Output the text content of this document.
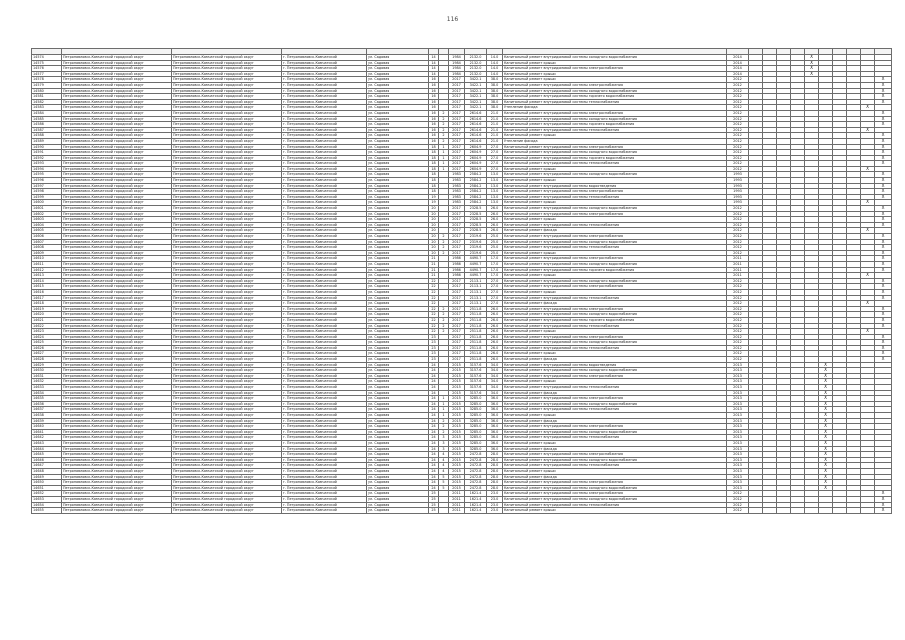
116

14574	Петропавловск-Камчатский городской округ	Петропавловск-Камчатский городской округ	г. Петропавловск-Камчатский	ул. Садовая	14		1984	2132.0	14.0	Капитальный ремонт внутридомовой системы холодного водоснабжения	2014					X					
14575	Петропавловск-Камчатский городской округ	Петропавловск-Камчатский городской округ	г. Петропавловск-Камчатский	ул. Садовая	14		1984	2132.0	14.0	Капитальный ремонт крыши	2014					X					
14576	Петропавловск-Камчатский городской округ	Петропавловск-Камчатский городской округ	г. Петропавловск-Камчатский	ул. Садовая	14		1984	2132.0	14.0	Капитальный ремонт внутридомовой системы электроснабжения	2014					X					
14577	Петропавловск-Камчатский городской округ	Петропавловск-Камчатский городской округ	г. Петропавловск-Камчатский	ул. Садовая	14		1984	2132.0	14.0	Капитальный ремонт крыши	2014					X					
14578	Петропавловск-Камчатский городской округ	Петропавловск-Камчатский городской округ	г. Петропавловск-Камчатский	ул. Садовая	16		2017	3422.1	38.0	Капитальный ремонт крыши	2012										X
14579	Петропавловск-Камчатский городской округ	Петропавловск-Камчатский городской округ	г. Петропавловск-Камчатский	ул. Садовая	16		2017	3422.1	38.0	Капитальный ремонт внутридомовой системы электроснабжения	2012										X
14580	Петропавловск-Камчатский городской округ	Петропавловск-Камчатский городской округ	г. Петропавловск-Камчатский	ул. Садовая	16		2017	3422.1	38.0	Капитальный ремонт внутридомовой системы холодного водоснабжения	2012										X
14581	Петропавловск-Камчатский городской округ	Петропавловск-Камчатский городской округ	г. Петропавловск-Камчатский	ул. Садовая	16		2017	3422.1	38.0	Капитальный ремонт внутридомовой системы горячего водоснабжения	2012										X
14582	Петропавловск-Камчатский городской округ	Петропавловск-Камчатский городской округ	г. Петропавловск-Камчатский	ул. Садовая	16		2017	3422.1	38.0	Капитальный ремонт внутридомовой системы теплоснабжения	2012										X
14583	Петропавловск-Камчатский городской округ	Петропавловск-Камчатский городской округ	г. Петропавловск-Камчатский	ул. Садовая	16		2017	3422.1	38.0	Утепление фасада	2012									X	
14584	Петропавловск-Камчатский городской округ	Петропавловск-Камчатский городской округ	г. Петропавловск-Камчатский	ул. Садовая	16	2	2017	2614.6	21.0	Капитальный ремонт внутридомовой системы электроснабжения	2012										X
14585	Петропавловск-Камчатский городской округ	Петропавловск-Камчатский городской округ	г. Петропавловск-Камчатский	ул. Садовая	16	2	2017	2614.6	21.0	Капитальный ремонт внутридомовой системы холодного водоснабжения	2012										X
14586	Петропавловск-Камчатский городской округ	Петропавловск-Камчатский городской округ	г. Петропавловск-Камчатский	ул. Садовая	16	2	2017	2614.6	21.0	Капитальный ремонт внутридомовой системы горячего водоснабжения	2012										X
14587	Петропавловск-Камчатский городской округ	Петропавловск-Камчатский городской округ	г. Петропавловск-Камчатский	ул. Садовая	16	2	2017	2614.6	21.0	Капитальный ремонт внутридомовой системы теплоснабжения	2012									X	
14588	Петропавловск-Камчатский городской округ	Петропавловск-Камчатский городской округ	г. Петропавловск-Камчатский	ул. Садовая	16	2	2017	2614.6	21.0	Капитальный ремонт крыши	2012										X
14589	Петропавловск-Камчатский городской округ	Петропавловск-Камчатский городской округ	г. Петропавловск-Камчатский	ул. Садовая	16	2	2017	2614.6	21.0	Утепление фасада	2012										X
14590	Петропавловск-Камчатский городской округ	Петропавловск-Камчатский городской округ	г. Петропавловск-Камчатский	ул. Садовая	18	1	2017	2604.9	27.0	Капитальный ремонт внутридомовой системы электроснабжения	2012										X
14591	Петропавловск-Камчатский городской округ	Петропавловск-Камчатский городской округ	г. Петропавловск-Камчатский	ул. Садовая	18	1	2017	2604.9	27.0	Капитальный ремонт внутридомовой системы холодного водоснабжения	2012										X
14592	Петропавловск-Камчатский городской округ	Петропавловск-Камчатский городской округ	г. Петропавловск-Камчатский	ул. Садовая	18	1	2017	2604.9	27.0	Капитальный ремонт внутридомовой системы горячего водоснабжения	2012										X
14593	Петропавловск-Камчатский городской округ	Петропавловск-Камчатский городской округ	г. Петропавловск-Камчатский	ул. Садовая	18	1	2017	2604.9	27.0	Капитальный ремонт внутридомовой системы теплоснабжения	2012										X
14594	Петропавловск-Камчатский городской округ	Петропавловск-Камчатский городской округ	г. Петропавловск-Камчатский	ул. Садовая	18	1	2017	2604.9	27.0	Капитальный ремонт крыши	2012									X	
14595	Петропавловск-Камчатский городской округ	Петропавловск-Камчатский городской округ	г. Петропавловск-Камчатский	ул. Садовая	18		1983	2584.2	13.0	Капитальный ремонт внутридомовой системы холодного водоснабжения	1993										X
14596	Петропавловск-Камчатский городской округ	Петропавловск-Камчатский городской округ	г. Петропавловск-Камчатский	ул. Садовая	18		1983	2584.2	13.0	Капитальный ремонт крыши	1993										X
14597	Петропавловск-Камчатский городской округ	Петропавловск-Камчатский городской округ	г. Петропавловск-Камчатский	ул. Садовая	18		1983	2584.2	13.0	Капитальный ремонт внутридомовой системы водоотведения	1993										X
14598	Петропавловск-Камчатский городской округ	Петропавловск-Камчатский городской округ	г. Петропавловск-Камчатский	ул. Садовая	18		1983	2584.2	13.0	Капитальный ремонт внутридомовой системы электроснабжения	1993										X
14599	Петропавловск-Камчатский городской округ	Петропавловск-Камчатский городской округ	г. Петропавловск-Камчатский	ул. Садовая	19		1983	2584.2	13.0	Капитальный ремонт внутридомовой системы теплоснабжения	1993										X
14600	Петропавловск-Камчатский городской округ	Петропавловск-Камчатский городской округ	г. Петропавловск-Камчатский	ул. Садовая	19		1983	2584.2	13.0	Капитальный ремонт крыши	1993									X	
14601	Петропавловск-Камчатский городской округ	Петропавловск-Камчатский городской округ	г. Петропавловск-Камчатский	ул. Садовая	20		2017	2328.5	26.0	Капитальный ремонт внутридомовой системы холодного водоснабжения	2012										X
14602	Петропавловск-Камчатский городской округ	Петропавловск-Камчатский городской округ	г. Петропавловск-Камчатский	ул. Садовая	20		2017	2328.5	26.0	Капитальный ремонт внутридомовой системы электроснабжения	2012										X
14603	Петропавловск-Камчатский городской округ	Петропавловск-Камчатский городской округ	г. Петропавловск-Камчатский	ул. Садовая	20		2017	2328.5	26.0	Капитальный ремонт крыши	2012										X
14604	Петропавловск-Камчатский городской округ	Петропавловск-Камчатский городской округ	г. Петропавловск-Камчатский	ул. Садовая	20		2017	2328.5	26.0	Капитальный ремонт внутридомовой системы теплоснабжения	2012										X
14605	Петропавловск-Камчатский городской округ	Петропавловск-Камчатский городской округ	г. Петропавловск-Камчатский	ул. Садовая	20		2017	2328.5	26.0	Капитальный ремонт фасада	2012									X	
14606	Петропавловск-Камчатский городской округ	Петропавловск-Камчатский городской округ	г. Петропавловск-Камчатский	ул. Садовая	20	2	2017	2319.6	25.0	Капитальный ремонт внутридомовой системы электроснабжения	2012										X
14607	Петропавловск-Камчатский городской округ	Петропавловск-Камчатский городской округ	г. Петропавловск-Камчатский	ул. Садовая	20	2	2017	2319.6	25.0	Капитальный ремонт внутридомовой системы холодного водоснабжения	2012										X
14608	Петропавловск-Камчатский городской округ	Петропавловск-Камчатский городской округ	г. Петропавловск-Камчатский	ул. Садовая	20	2	2017	2319.6	25.0	Капитальный ремонт внутридомовой системы теплоснабжения	2012										X
14609	Петропавловск-Камчатский городской округ	Петропавловск-Камчатский городской округ	г. Петропавловск-Камчатский	ул. Садовая	20	2	2017	2319.6	25.0	Капитальный ремонт крыши	2012										X
14610	Петропавловск-Камчатский городской округ	Петропавловск-Камчатский городской округ	г. Петропавловск-Камчатский	ул. Садовая	21		1986	4490.7	17.0	Капитальный ремонт внутридомовой системы электроснабжения	2011										X
14611	Петропавловск-Камчатский городской округ	Петропавловск-Камчатский городской округ	г. Петропавловск-Камчатский	ул. Садовая	21		1986	4490.7	17.0	Капитальный ремонт внутридомовой системы холодного водоснабжения	2011										X
14612	Петропавловск-Камчатский городской округ	Петропавловск-Камчатский городской округ	г. Петропавловск-Камчатский	ул. Садовая	21		1986	4490.7	17.0	Капитальный ремонт внутридомовой системы горячего водоснабжения	2011										X
14613	Петропавловск-Камчатский городской округ	Петропавловск-Камчатский городской округ	г. Петропавловск-Камчатский	ул. Садовая	21		1986	4490.7	17.0	Капитальный ремонт крыши	2011									X	
14614	Петропавловск-Камчатский городской округ	Петропавловск-Камчатский городской округ	г. Петропавловск-Камчатский	ул. Садовая	22		2017	2113.1	27.0	Капитальный ремонт внутридомовой системы холодного водоснабжения	2012										X
14615	Петропавловск-Камчатский городской округ	Петропавловск-Камчатский городской округ	г. Петропавловск-Камчатский	ул. Садовая	22		2017	2113.1	27.0	Капитальный ремонт внутридомовой системы электроснабжения	2012										X
14616	Петропавловск-Камчатский городской округ	Петропавловск-Камчатский городской округ	г. Петропавловск-Камчатский	ул. Садовая	22		2017	2113.1	27.0	Капитальный ремонт крыши	2012										X
14617	Петропавловск-Камчатский городской округ	Петропавловск-Камчатский городской округ	г. Петропавловск-Камчатский	ул. Садовая	22		2017	2113.1	27.0	Капитальный ремонт внутридомовой системы теплоснабжения	2012										X
14618	Петропавловск-Камчатский городской округ	Петропавловск-Камчатский городской округ	г. Петропавловск-Камчатский	ул. Садовая	22		2017	2113.1	27.0	Капитальный ремонт фасада	2012									X	
14619	Петропавловск-Камчатский городской округ	Петропавловск-Камчатский городской округ	г. Петропавловск-Камчатский	ул. Садовая	22	2	2017	2511.8	26.0	Капитальный ремонт внутридомовой системы электроснабжения	2012										X
14620	Петропавловск-Камчатский городской округ	Петропавловск-Камчатский городской округ	г. Петропавловск-Камчатский	ул. Садовая	22	2	2017	2511.8	26.0	Капитальный ремонт внутридомовой системы холодного водоснабжения	2012										X
14621	Петропавловск-Камчатский городской округ	Петропавловск-Камчатский городской округ	г. Петропавловск-Камчатский	ул. Садовая	22	2	2017	2511.8	26.0	Капитальный ремонт внутридомовой системы горячего водоснабжения	2012										X
14622	Петропавловск-Камчатский городской округ	Петропавловск-Камчатский городской округ	г. Петропавловск-Камчатский	ул. Садовая	22	2	2017	2511.8	26.0	Капитальный ремонт внутридомовой системы теплоснабжения	2012										X
14623	Петропавловск-Камчатский городской округ	Петропавловск-Камчатский городской округ	г. Петропавловск-Камчатский	ул. Садовая	22	2	2017	2511.8	26.0	Капитальный ремонт крыши	2012									X	
14624	Петропавловск-Камчатский городской округ	Петропавловск-Камчатский городской округ	г. Петропавловск-Камчатский	ул. Садовая	23		2017	2511.8	26.0	Капитальный ремонт внутридомовой системы электроснабжения	2012										X
14625	Петропавловск-Камчатский городской округ	Петропавловск-Камчатский городской округ	г. Петропавловск-Камчатский	ул. Садовая	23		2017	2511.8	26.0	Капитальный ремонт внутридомовой системы холодного водоснабжения	2012										X
14626	Петропавловск-Камчатский городской округ	Петропавловск-Камчатский городской округ	г. Петропавловск-Камчатский	ул. Садовая	23		2017	2511.8	26.0	Капитальный ремонт внутридомовой системы теплоснабжения	2012										X
14627	Петропавловск-Камчатский городской округ	Петропавловск-Камчатский городской округ	г. Петропавловск-Камчатский	ул. Садовая	23		2017	2511.8	26.0	Капитальный ремонт крыши	2012										X
14628	Петропавловск-Камчатский городской округ	Петропавловск-Камчатский городской округ	г. Петропавловск-Камчатский	ул. Садовая	23		2017	2511.8	26.0	Капитальный ремонт фасада	2012										X
14629	Петропавловск-Камчатский городской округ	Петропавловск-Камчатский городской округ	г. Петропавловск-Камчатский	ул. Садовая	24		2015	3157.6	34.0	Капитальный ремонт внутридомовой системы водоотведения	2013						X				
14630	Петропавловск-Камчатский городской округ	Петропавловск-Камчатский городской округ	г. Петропавловск-Камчатский	ул. Садовая	24		2015	3157.6	34.0	Капитальный ремонт внутридомовой системы холодного водоснабжения	2013						X				
14631	Петропавловск-Камчатский городской округ	Петропавловск-Камчатский городской округ	г. Петропавловск-Камчатский	ул. Садовая	24		2015	3157.6	34.0	Капитальный ремонт внутридомовой системы электроснабжения	2013						X				
14632	Петропавловск-Камчатский городской округ	Петропавловск-Камчатский городской округ	г. Петропавловск-Камчатский	ул. Садовая	24		2015	3157.6	34.0	Капитальный ремонт крыши	2013						X				
14633	Петропавловск-Камчатский городской округ	Петропавловск-Камчатский городской округ	г. Петропавловск-Камчатский	ул. Садовая	24		2015	3157.6	34.0	Капитальный ремонт внутридомовой системы теплоснабжения	2013						X				
14634	Петропавловск-Камчатский городской округ	Петропавловск-Камчатский городской округ	г. Петропавловск-Камчатский	ул. Садовая	24		2015	3157.6	34.0	Капитальный ремонт фасада	2013						X				
14635	Петропавловск-Камчатский городской округ	Петропавловск-Камчатский городской округ	г. Петропавловск-Камчатский	ул. Садовая	24	1	2015	3285.0	36.0	Капитальный ремонт внутридомовой системы электроснабжения	2013						X				
14636	Петропавловск-Камчатский городской округ	Петропавловск-Камчатский городской округ	г. Петропавловск-Камчатский	ул. Садовая	24	1	2015	3285.0	36.0	Капитальный ремонт внутридомовой системы холодного водоснабжения	2013						X				
14637	Петропавловск-Камчатский городской округ	Петропавловск-Камчатский городской округ	г. Петропавловск-Камчатский	ул. Садовая	24	1	2015	3285.0	36.0	Капитальный ремонт внутридомовой системы теплоснабжения	2013						X				
14638	Петропавловск-Камчатский городской округ	Петропавловск-Камчатский городской округ	г. Петропавловск-Камчатский	ул. Садовая	24	1	2015	3285.0	36.0	Капитальный ремонт крыши	2013						X				
14639	Петропавловск-Камчатский городской округ	Петропавловск-Камчатский городской округ	г. Петропавловск-Камчатский	ул. Садовая	24	2	2015	3285.0	36.0	Капитальный ремонт фасада	2013						X				
14640	Петропавловск-Камчатский городской округ	Петропавловск-Камчатский городской округ	г. Петропавловск-Камчатский	ул. Садовая	24	2	2015	3285.0	36.0	Капитальный ремонт внутридомовой системы электроснабжения	2013						X				
14641	Петропавловск-Камчатский городской округ	Петропавловск-Камчатский городской округ	г. Петропавловск-Камчатский	ул. Садовая	24	2	2015	3285.0	36.0	Капитальный ремонт внутридомовой системы холодного водоснабжения	2013						X				
14642	Петропавловск-Камчатский городской округ	Петропавловск-Камчатский городской округ	г. Петропавловск-Камчатский	ул. Садовая	24	3	2015	3285.0	36.0	Капитальный ремонт внутридомовой системы теплоснабжения	2013						X				
14643	Петропавловск-Камчатский городской округ	Петропавловск-Камчатский городской округ	г. Петропавловск-Камчатский	ул. Садовая	24	3	2015	3285.0	36.0	Капитальный ремонт крыши	2013						X				
14644	Петропавловск-Камчатский городской округ	Петропавловск-Камчатский городской округ	г. Петропавловск-Камчатский	ул. Садовая	24	3	2015	3285.0	36.0	Капитальный ремонт фасада	2013						X				
14645	Петропавловск-Камчатский городской округ	Петропавловск-Камчатский городской округ	г. Петропавловск-Камчатский	ул. Садовая	24	4	2015	2472.8	28.0	Капитальный ремонт внутридомовой системы электроснабжения	2013						X				
14646	Петропавловск-Камчатский городской округ	Петропавловск-Камчатский городской округ	г. Петропавловск-Камчатский	ул. Садовая	24	4	2015	2472.8	28.0	Капитальный ремонт внутридомовой системы холодного водоснабжения	2013						X				
14647	Петропавловск-Камчатский городской округ	Петропавловск-Камчатский городской округ	г. Петропавловск-Камчатский	ул. Садовая	24	4	2015	2472.8	28.0	Капитальный ремонт внутридомовой системы теплоснабжения	2013						X				
14648	Петропавловск-Камчатский городской округ	Петропавловск-Камчатский городской округ	г. Петропавловск-Камчатский	ул. Садовая	24	4	2015	2472.8	28.0	Капитальный ремонт крыши	2013						X				
14649	Петропавловск-Камчатский городской округ	Петропавловск-Камчатский городской округ	г. Петропавловск-Камчатский	ул. Садовая	24	5	2015	2472.8	28.0	Капитальный ремонт фасада	2013						X				
14650	Петропавловск-Камчатский городской округ	Петропавловск-Камчатский городской округ	г. Петропавловск-Камчатский	ул. Садовая	24	5	2015	2472.8	28.0	Капитальный ремонт внутридомовой системы электроснабжения	2013						X				
14651	Петропавловск-Камчатский городской округ	Петропавловск-Камчатский городской округ	г. Петропавловск-Камчатский	ул. Садовая	24	5	2015	2472.8	28.0	Капитальный ремонт внутридомовой системы холодного водоснабжения	2013						X				
14652	Петропавловск-Камчатский городской округ	Петропавловск-Камчатский городской округ	г. Петропавловск-Камчатский	ул. Садовая	25		2011	1621.4	23.0	Капитальный ремонт внутридомовой системы электроснабжения	2012										X
14653	Петропавловск-Камчатский городской округ	Петропавловск-Камчатский городской округ	г. Петропавловск-Камчатский	ул. Садовая	25		2011	1621.4	23.0	Капитальный ремонт внутридомовой системы холодного водоснабжения	2012										X
14654	Петропавловск-Камчатский городской округ	Петропавловск-Камчатский городской округ	г. Петропавловск-Камчатский	ул. Садовая	25		2011	1621.4	23.0	Капитальный ремонт внутридомовой системы теплоснабжения	2012										X
14655	Петропавловск-Камчатский городской округ	Петропавловск-Камчатский городской округ	г. Петропавловск-Камчатский	ул. Садовая	25		2011	1621.4	23.0	Капитальный ремонт крыши	2012										X
